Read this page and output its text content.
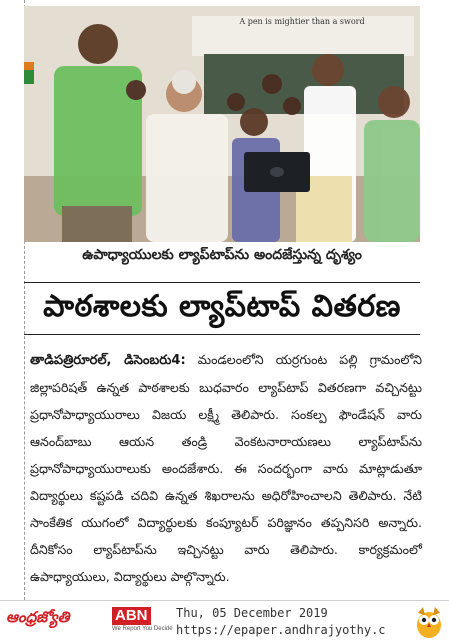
A pen is mightier than a sword
ఉపాధ్యాయులకు ల్యాప్‌టాప్‌ను అందజేస్తున్న దృశ్యం
పాఠశాలకు ల్యాప్‌టాప్ వితరణ

తాడిపత్రిరూరల్, డిసెంబరు4: మండలంలోని యర్రగుంట పల్లి గ్రామంలోని జిల్లాపరిషత్ ఉన్నత పాఠశాలకు బుధవారం ల్యాప్‌టాప్ వితరణగా వచ్చినట్టు ప్రధానోపాధ్యాయురాలు విజయ లక్ష్మీ తెలిపారు. సంకల్ప ఫౌండేషన్ వారు ఆనంద్‌బాబు ఆయన తండ్రి వెంకటనారాయణలు ల్యాప్‌టాప్‌ను ప్రధానోపాధ్యాయురాలుకు అందజేశారు. ఈ సందర్భంగా వారు మాట్లాడుతూ విద్యార్థులు కష్టపడి చదివి ఉన్నత శిఖరాలను అధిరోహించాలని తెలిపారు. నేటి సాంకేతిక యుగంలో విద్యార్థులకు కంప్యూటర్ పరిజ్ఞానం తప్పనిసరి అన్నారు. దీనికోసం ల్యాప్‌టాప్‌ను ఇచ్చినట్టు వారు తెలిపారు. కార్యక్రమంలో ఉపాధ్యాయులు, విద్యార్థులు పాల్గొన్నారు.

ఆంధ్రజ్యోతి	ABN
We Report You Decide
Thu, 05 December 2019
https://epaper.andhrajyothy.c
